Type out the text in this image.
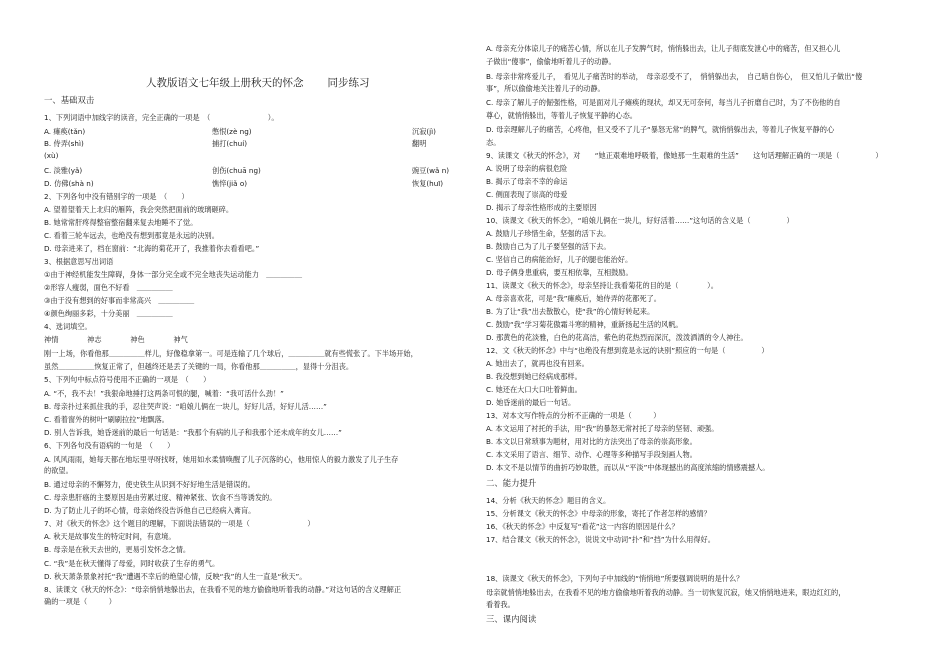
人教版语文七年级上册秋天的怀念 同步练习
一、基础双击
1、下列词语中加线字的读音，完全正确的一项是　（　　　　　　　　）。
A. 瘫痪(tǎn)	憋恨(zè ng)	沉寂(jì)
B. 侍弄(shì)	捕打(chuí)	翻明
(xù)
C. 淡雅(yǎ)	创伤(chuā ng)	豌豆(wǎ n)
D. 仿佛(shà n)	憔悴(jiǎ o)	恢复(huī)
2、下列各句中没有错别字的一项是　（　　）
A. 望着望着天上北归的雁阵，我会突然把面前的玻璃砸碎。
B. 她常常肝疼得整宿整宿翻来复去地睡不了觉。
C. 看着三轮车远去，也绝没有想到那竟是永远的决别。
D. 母亲进来了，档在窗前：“北海的菊花开了，我推着你去看看吧。”
3、根据意思写出词语
①由于神经机能发生障碍，身体一部分完全或不完全地丧失运动能力　＿＿＿＿＿
②形容人瘦弱，面色不好看　＿＿＿＿＿
③由于没有想到的好事而非常高兴　＿＿＿＿＿
④颜色绚丽多彩，十分美丽　＿＿＿＿＿
4、选词填空。
神情　　　　神志　　　　神色　　　　神气
刚一上场，你看他那＿＿＿＿＿样儿，好像稳拿第一。可是连输了几个球后，＿＿＿＿＿就有些慌张了。下半场开始，
虽然＿＿＿＿＿恢复正常了，但越终还是丢了关键的一局，你看他那＿＿＿＿＿，显得十分沮丧。
5、下列句中标点符号使用不正确的一项是　（　　）
A. “不，我不去！”我狠命地捶打这两条可恨的腿，喊着：“我可活什么劲！”
B. 母亲扑过来抓住我的手，忍住哭声说：“咱娘儿俩在一块儿，好好儿活，好好儿活……”
C. 看着窗外的树叶“刷刷拉拉”地飘落。
D. 别人告诉我，她昏迷前的最后一句话是：“我那个有病的儿子和我那个还未成年的女儿……”
6、下列各句没有语病的一句是　（　　）
A. 风风雨雨，她每天都在地坛里寻呀找呀，她用如水柔情唤醒了儿子沉落的心，他用惊人的毅力激发了儿子生存
的欲望。
B. 通过母亲的不懈努力，使史铁生从识到不好好地生活是错误的。
C. 母亲患肝癌的主要原因是由劳累过度、精神紧张、饮食不当等诱发的。
D. 为了防止儿子的坏心情，母亲始终没告诉他自己已经病入膏肓。
7、对《秋天的怀念》这个题目的理解，下面说法错误的一项是（　　　　　　　　）
A. 秋天是故事发生的特定时间，有意境。
B. 母亲是在秋天去世的，更易引发怀念之情。
C. “我”是在秋天懂得了母爱，同时收获了生存的勇气。
D. 秋天萧条景象衬托“我”遭遇不幸后的绝望心情，反映“我”的人生一直是“秋天”。
8、读课文《秋天的怀念》：“母亲悄悄地躲出去，在我看不见的地方偷偷地听着我的动静。”对这句话的含义理解正
确的一项是（　　　）
A. 母亲充分体谅儿子的痛苦心情，所以在儿子发脾气时，悄悄躲出去，让儿子彻底发泄心中的痛苦，但又担心儿
子做出“傻事”，偷偷地听着儿子的动静。
B. 母亲非常疼爱儿子，　看见儿子痛苦时的举动，　母亲忍受不了，　悄悄躲出去，　自己暗自伤心，　但又怕儿子做出“傻
事”，所以偷偷地关注着儿子的动静。
C. 母亲了解儿子的倔强性格，可是面对儿子瘫痪的现状，却又无可奈何，每当儿子折磨自己时，为了不伤他的自
尊心，就悄悄躲出，等着儿子恢复平静的心态。
D. 母亲理解儿子的痛苦，心疼他，但又受不了儿子“暴怒无常”的脾气，就悄悄躲出去，等着儿子恢复平静的心
态。
9、读课文《秋天的怀念》，对　　“她正艰难地呼吸着，像她那一生艰难的生活”　　这句话理解正确的一项是（　　　　　）
A. 说明了母亲的病很危险
B. 揭示了母亲不幸的命运
C. 侧面表现了崇高的母爱
D. 揭示了母亲性格形成的主要原因
10、读课文《秋天的怀念》，“咱娘儿俩在一块儿，好好活着……”这句话的含义是（　　　　　）
A. 鼓励儿子珍惜生命，坚强的活下去。
B. 鼓励自己为了儿子要坚强的活下去。
C. 坚信自己的病能治好，儿子的腿也能治好。
D. 母子俩身患重病，要互相依靠，互相鼓励。
11、读课文《秋天的怀念》，母亲坚持让我看菊花的目的是（　　　　）。
A. 母亲喜欢花，可是“我”瘫痪后，她侍弄的花都死了。
B. 为了让“我”出去散散心，使“我”的心情好转起来。
C. 鼓励“我”学习菊花傲霜斗寒的精神，重新扬起生活的风帆。
D. 那黄色的花淡雅，白色的花高洁，紫色的花热烈而深沉，泼泼洒洒的令人神往。
12、文《秋天的怀念》中与“也绝没有想到竟是永远的诀别”照应的一句是（　　　　　）
A. 她出去了，就再也没有回来。
B. 我没想到她已经病成那样。
C. 她还在大口大口吐着鲜血。
D. 她昏迷前的最后一句话。
13、对本文写作特点的分析不正确的一项是（　　　）
A. 本文运用了衬托的手法，用“我”的暴怒无常衬托了母亲的坚韧、顽强。
B. 本文以日常琐事为题材，用对比的方法突出了母亲的崇高形象。
C. 本文采用了语言、细节、动作、心理等多种描写手段刻画人物。
D. 本文不是以情节的曲折巧妙取胜，而以从“平淡”中体现撼出的高度浓缩的情感震撼人。
二、能力提升
14、分析《秋天的怀念》题目的含义。
15、分析课文《秋天的怀念》中母亲的形象，寄托了作者怎样的感情？
16、《秋天的怀念》中反复写“看花”这一内容的原因是什么？
17、结合课文《秋天的怀念》，说说文中动词“扑”和“挡”为什么用得好。
18、读课文《秋天的怀念》，下列句子中加线的“悄悄地”所要强调说明的是什么？
母亲就悄悄地躲出去，在我看不见的地方偷偷地听着我的动静。当一切恢复沉寂，她又悄悄地进来，眼边红红的，
看着我。
三、课内阅读
